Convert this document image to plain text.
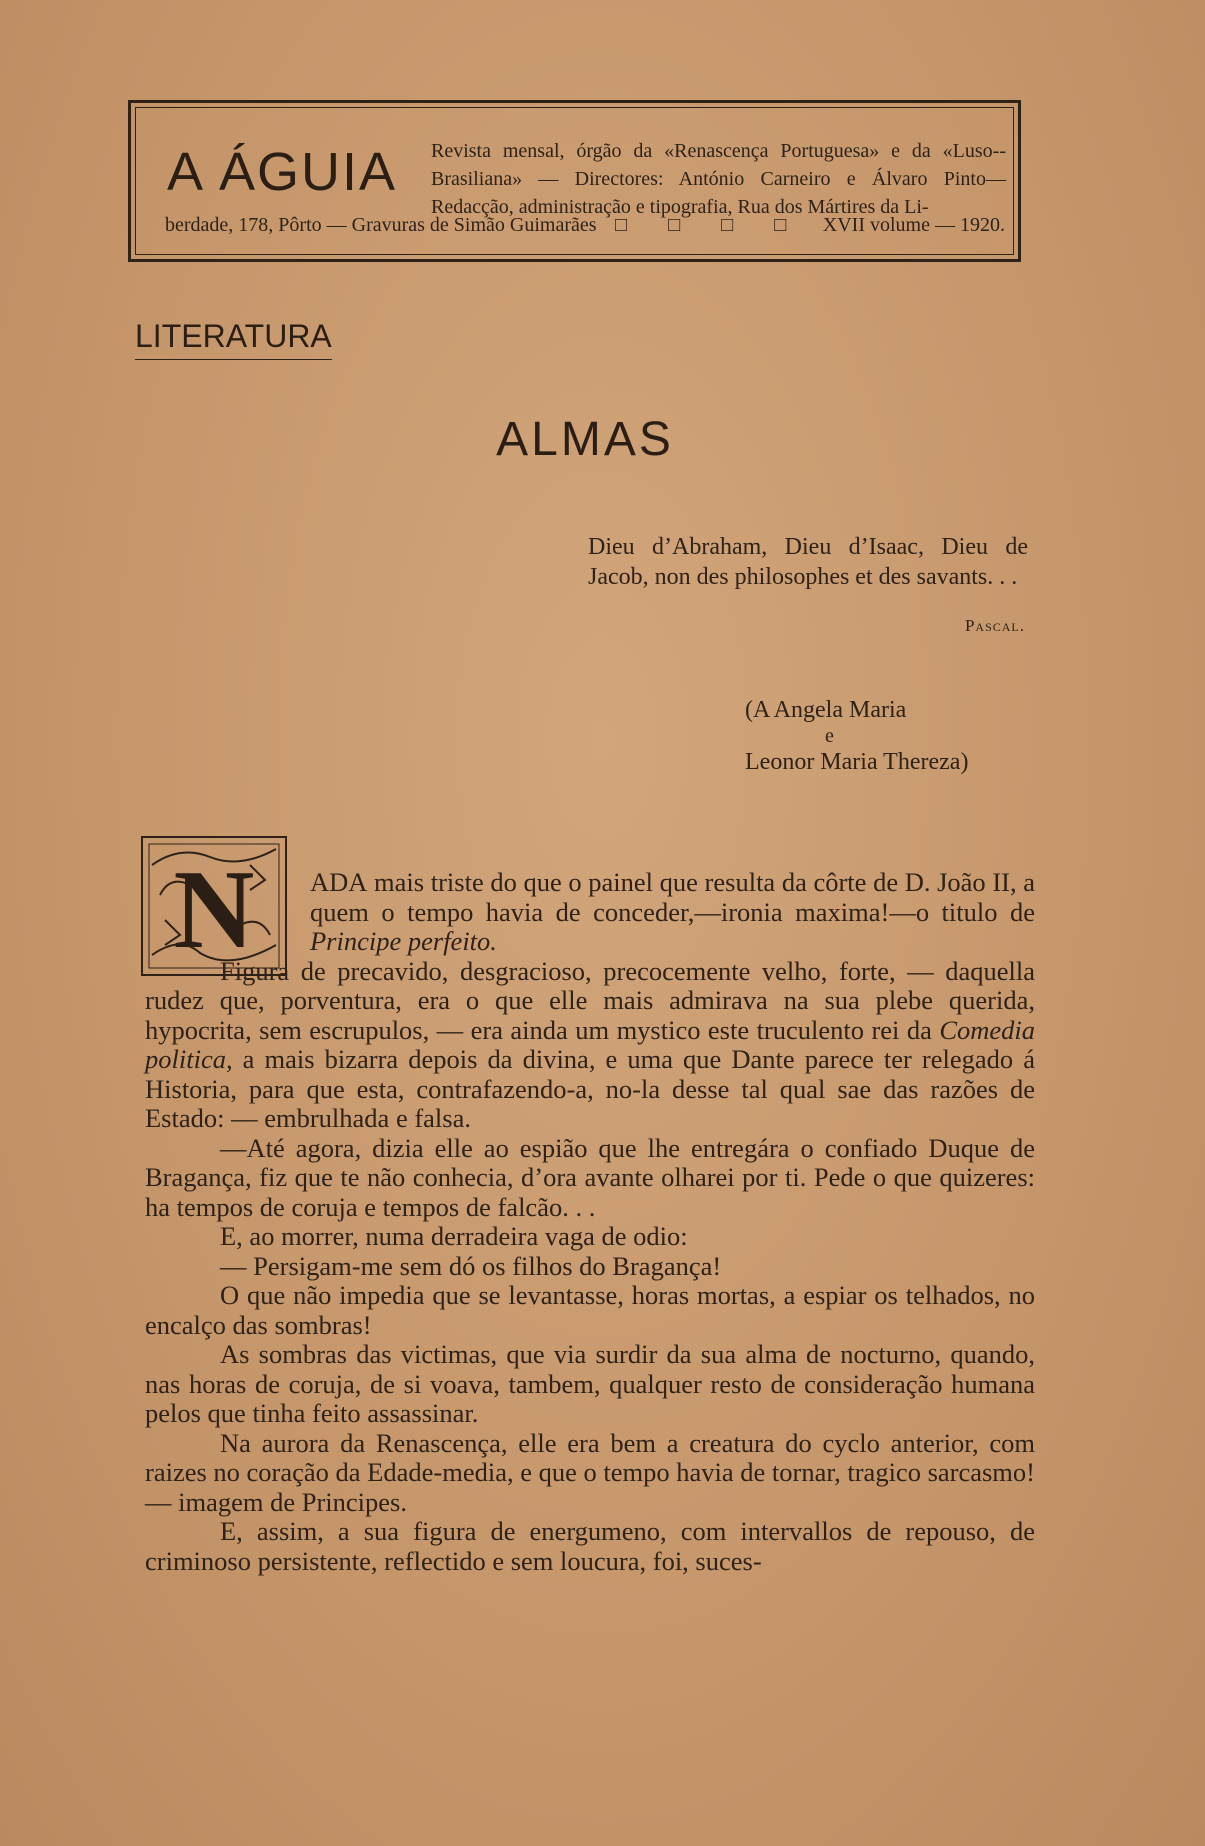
A ÁGUIA Revista mensal, órgão da «Renascença Portuguesa» e da «Luso--Brasiliana» — Directores: António Carneiro e Álvaro Pinto— Redacção, administração e tipografia, Rua dos Mártires da Li-
berdade, 178, Pôrto — Gravuras de Simão Guimarães □ □ □ □ XVII volume — 1920.
LITERATURA
ALMAS
Dieu d’Abraham, Dieu d’Isaac, Dieu de Jacob, non des philosophes et des savants. . .
Pascal.
(A Angela Maria
e
Leonor Maria Thereza)
N	ADA mais triste do que o painel que resulta da côrte de D. João II, a quem o tempo havia de conceder,—ironia maxima!—o titulo de Principe perfeito.

Figura de precavido, desgracioso, precocemente velho, forte, — daquella rudez que, porventura, era o que elle mais admirava na sua plebe querida, hypocrita, sem escrupulos, — era ainda um mystico este truculento rei da Comedia politica, a mais bizarra depois da divina, e uma que Dante parece ter relegado á Historia, para que esta, contrafazendo-a, no-la desse tal qual sae das razões de Estado: — embrulhada e falsa.

—Até agora, dizia elle ao espião que lhe entregára o confiado Duque de Bragança, fiz que te não conhecia, d’ora avante olharei por ti. Pede o que quizeres: ha tempos de coruja e tempos de falcão. . .

E, ao morrer, numa derradeira vaga de odio:

— Persigam-me sem dó os filhos do Bragança!

O que não impedia que se levantasse, horas mortas, a espiar os telhados, no encalço das sombras!

As sombras das victimas, que via surdir da sua alma de nocturno, quando, nas horas de coruja, de si voava, tambem, qualquer resto de consideração humana pelos que tinha feito assassinar.

Na aurora da Renascença, elle era bem a creatura do cyclo anterior, com raizes no coração da Edade-media, e que o tempo havia de tornar, tragico sarcasmo! — imagem de Principes.

E, assim, a sua figura de energumeno, com intervallos de repouso, de criminoso persistente, reflectido e sem loucura, foi, suces-
